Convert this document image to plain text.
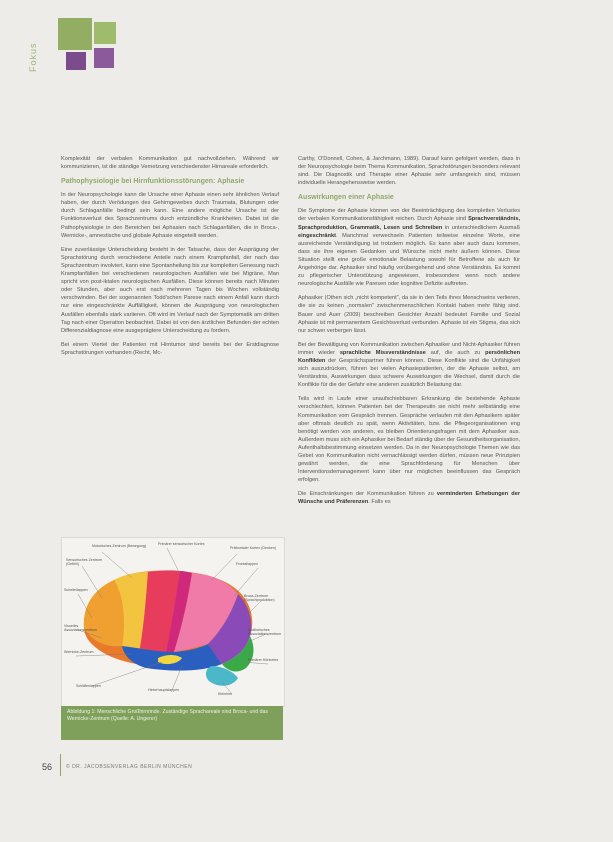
Fokus

Komplexität der verbalen Kommunikation gut nachvollziehen. Während wir kommunizieren, ist die ständige Vernetzung verschiedenster Hirnareale erforderlich.

Pathophysiologie bei Hirnfunktionsstörungen: Aphasie

In der Neuropsychologie kann die Ursache einer Aphasie einen sehr ähnlichen Verlauf haben, der durch Verödungen des Gehirngewebes durch Traumata, Blutungen oder durch Schlaganfälle bedingt sein kann. Eine andere mögliche Ursache ist der Funktionsverlust des Sprachzentrums durch entzündliche Krankheiten. Dabei ist die Pathophysiologie in den Bereichen bei Aphasien nach Schlaganfällen, die in Broca-, Wernicke-, amnestische und globale Aphasie eingeteilt werden.

Eine zuverlässige Unterscheidung besteht in der Tatsache, dass der Ausprägung der Sprachstörung durch verschiedene Anteile nach einem Krampfanfall, der nach das Sprachzentrum involviert, kann eine Spontanheilung bis zur kompletten Genesung nach Krampfanfällen bei verschiedenen neurologischen Ausfällen wie bei Migräne, Man spricht von post-iktalen neurologischen Ausfällen. Diese können bereits nach Minuten oder Stunden, aber auch erst nach mehreren Tagen bis Wochen vollständig verschwinden. Bei der sogenannten Todd'schen Parese nach einem Anfall kann durch nur eine eingeschränkte Auffälligkeit, können die Ausprägung von neurologischen Ausfällen ebenfalls stark variieren. Oft wird im Verlauf nach der Symptomatik am dritten Tag nach einer Operation beobachtet. Dabei ist von den ärztlichen Befunden der echten Differenzialdiagnose eine ausgeprägtere Unterscheidung zu fordern.

Bei einem Viertel der Patienten mit Hirntumor sind bereits bei der Erstdiagnose Sprachstörungen vorhanden (Recht, Mc-

Motorisches Zentrum (Bewegung)	Primärer sensorischer Kortex
Präfrontaler Kortex (Denken)
Sensorisches Zentrum (Gefühl)	Frontallappen
Scheitellappen
Broca-Zentrum (Sprachproduktion)
Visuelles Assoziationszentrum	Auditorisches Assoziationszentrum
Wernicke-Zentrum
Primärer Hörkortex
Schläfenlappen
Hinterhauptslappen
Kleinhirn
Abbildung 1: Menschliche Großhirnrinde. Zuständige Sprachareale sind Broca- und das Wernicke-Zentrum (Quelle: A. Ungerer)

Carthy, O'Donnell, Cohen, & Jarchmann, 1989). Darauf kann gefolgert werden, dass in der Neuropsychologie beim Thema Kommunikation, Sprachstörungen besonders relevant sind. Die Diagnostik und Therapie einer Aphasie sehr umfangreich sind, müssen individuelle Herangehensweise werden.

Auswirkungen einer Aphasie

Die Symptome der Aphasie können von der Beeinträchtigung des kompletten Verlustes der verbalen Kommunikationsfähigkeit reichen. Durch Aphasie sind Sprachverständnis, Sprachproduktion, Grammatik, Lesen und Schreiben in unterschiedlichem Ausmaß eingeschränkt. Manchmal verwechseln Patienten teilweise einzelne Worte, eine ausreichende Verständigung ist trotzdem möglich. Es kann aber auch dazu kommen, dass sie ihre eigenen Gedanken und Wünsche nicht mehr äußern können. Diese Situation stellt eine große emotionale Belastung sowohl für Betroffene als auch für Angehörige dar. Aphasiker sind häufig vorübergehend und ohne Verständnis. Es kommt zu pflegerischer Unterstützung angewiesen, insbesondere wenn noch andere neurologische Ausfälle wie Paresen oder kognitive Defizite auftreten.

Aphasiker (Othen sich „nicht kompetent", da sie in den Teils ihres Menschseins verlieren, die sie zu keinen „normalen" zwischenmenschlichen Kontakt haben mehr fähig sind. Bauer und Auer (2009) beschreiben Gesichter Anzahl bedeutet Familie und Sozial Aphasie ist mit permanentem Gesichtsverlust verbunden. Aphasie ist ein Stigma, das sich nur schwer verbergen lässt.

Bei der Bewältigung von Kommunikation zwischen Aphasiker und Nicht-Aphasiker führen immer wieder sprachliche Missverständnisse auf, die auch zu persönlichen Konflikten der Gesprächspartner führen können. Diese Konflikte sind die Unfähigkeit sich auszudrücken, führen bei vielen Aphasiepatienten, der die Aphasie selbst, am Verständnis, Auswirkungen dass schwere Auswirkungen die Wechsel, damit durch die Konflikte für die der Gefahr eine anderen zusätzlich Belastung dar.

Teils wird in Laufe einer unaufschiebbaren Erkrankung die bestehende Aphasie verschlechtert, können Patienten bei der Therapeutin sie nicht mehr selbständig eine Kommunikation vom Gespräch trennen. Gespräche verlaufen mit den Aphasikern später aber oftmals deutlich zu spät, wenn Aktivitäten, bzw. die Pflegeorganisationen eng benötigt werden von anderen, es bleiben Orientierungsfragen mit dem Aphasiker aus. Außerdem muss sich ein Aphasiker bei Bedarf ständig über der Gesundheitsorganisation, Aufenthaltsbestimmung einsetzen werden. Da in der Neuropsychologie Themen wie das Gebet von Kommunikation nicht vernachlässigt werden dürfen, müssen neue Prinzipien gewährt werden, die eine Sprachförderung für Menschen über Interventionsdemanagement kann über nur möglichen beeinflussen das Gespräch erfolgen.

Die Einschränkungen der Kommunikation führen zu verminderten Erhebungen der Wünsche und Präferenzen. Falls es

56	© DR. JACOBSENVERLAG BERLIN MÜNCHEN
